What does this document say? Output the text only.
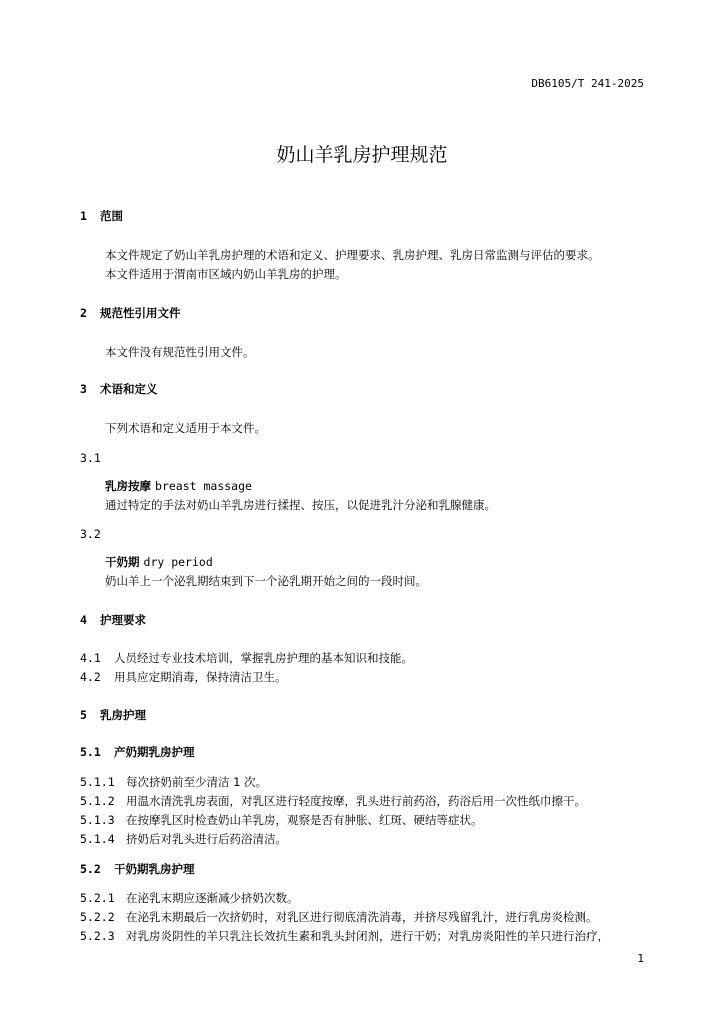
DB6105/T 241-2025
奶山羊乳房护理规范
1 范围
本文件规定了奶山羊乳房护理的术语和定义、护理要求、乳房护理、乳房日常监测与评估的要求。
本文件适用于渭南市区域内奶山羊乳房的护理。
2 规范性引用文件
本文件没有规范性引用文件。
3 术语和定义
下列术语和定义适用于本文件。
3.1
乳房按摩 breast massage
通过特定的手法对奶山羊乳房进行揉捏、按压，以促进乳汁分泌和乳腺健康。
3.2
干奶期 dry period
奶山羊上一个泌乳期结束到下一个泌乳期开始之间的一段时间。
4 护理要求
4.1 人员经过专业技术培训，掌握乳房护理的基本知识和技能。
4.2 用具应定期消毒，保持清洁卫生。
5 乳房护理
5.1 产奶期乳房护理
5.1.1 每次挤奶前至少清洁 1 次。
5.1.2 用温水清洗乳房表面，对乳区进行轻度按摩，乳头进行前药浴，药浴后用一次性纸巾擦干。
5.1.3 在按摩乳区时检查奶山羊乳房，观察是否有肿胀、红斑、硬结等症状。
5.1.4 挤奶后对乳头进行后药浴清洁。
5.2 干奶期乳房护理
5.2.1 在泌乳末期应逐渐减少挤奶次数。
5.2.2 在泌乳末期最后一次挤奶时，对乳区进行彻底清洗消毒，并挤尽残留乳汁，进行乳房炎检测。
5.2.3 对乳房炎阴性的羊只乳注长效抗生素和乳头封闭剂，进行干奶；对乳房炎阳性的羊只进行治疗，
1
